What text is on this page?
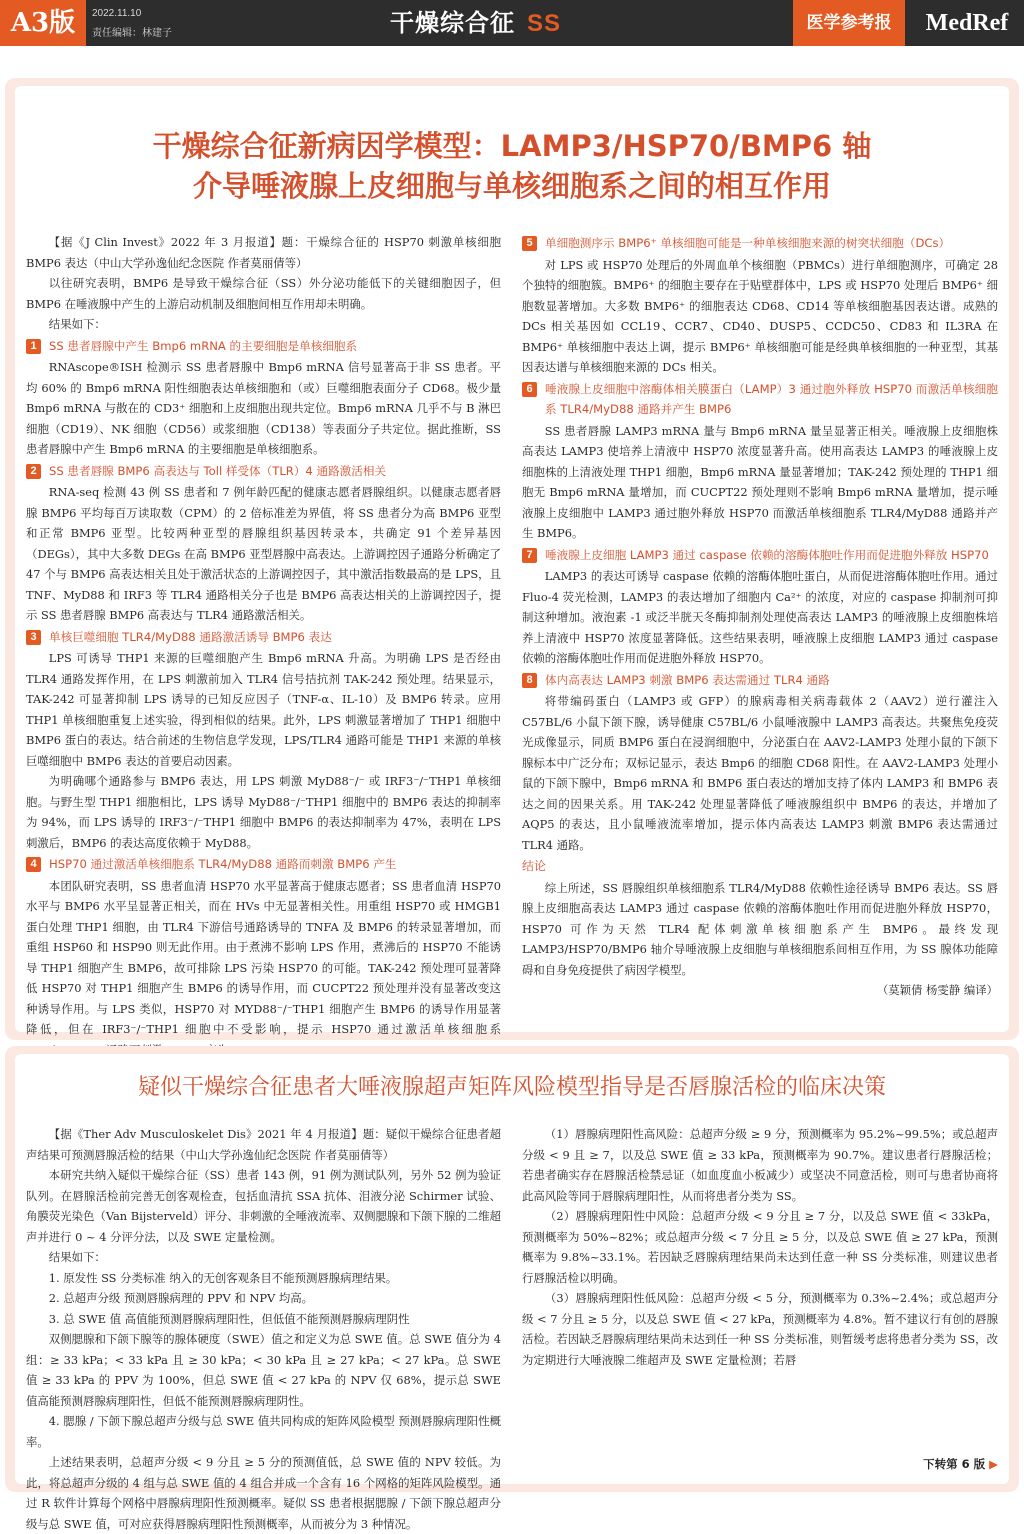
A3版	2022.11.10
责任编辑：林建子	干燥综合征 SS	医学参考报	MedRef
干燥综合征新病因学模型：LAMP3/HSP70/BMP6 轴
介导唾液腺上皮细胞与单核细胞系之间的相互作用

【据《J Clin Invest》2022 年 3 月报道】题：干燥综合征的 HSP70 刺激单核细胞 BMP6 表达（中山大学孙逸仙纪念医院 作者莫丽倩等）

以往研究表明，BMP6 是导致干燥综合征（SS）外分泌功能低下的关键细胞因子，但 BMP6 在唾液腺中产生的上游启动机制及细胞间相互作用却未明确。

结果如下：

1	SS 患者唇腺中产生 Bmp6 mRNA 的主要细胞是单核细胞系

RNAscope®ISH 检测示 SS 患者唇腺中 Bmp6 mRNA 信号显著高于非 SS 患者。平均 60% 的 Bmp6 mRNA 阳性细胞表达单核细胞和（或）巨噬细胞表面分子 CD68。极少量 Bmp6 mRNA 与散在的 CD3⁺ 细胞和上皮细胞出现共定位。Bmp6 mRNA 几乎不与 B 淋巴细胞（CD19）、NK 细胞（CD56）或浆细胞（CD138）等表面分子共定位。据此推断，SS 患者唇腺中产生 Bmp6 mRNA 的主要细胞是单核细胞系。

2	SS 患者唇腺 BMP6 高表达与 Toll 样受体（TLR）4 通路激活相关

RNA-seq 检测 43 例 SS 患者和 7 例年龄匹配的健康志愿者唇腺组织。以健康志愿者唇腺 BMP6 平均每百万读取数（CPM）的 2 倍标准差为界值，将 SS 患者分为高 BMP6 亚型和正常 BMP6 亚型。比较两种亚型的唇腺组织基因转录本，共确定 91 个差异基因（DEGs），其中大多数 DEGs 在高 BMP6 亚型唇腺中高表达。上游调控因子通路分析确定了 47 个与 BMP6 高表达相关且处于激活状态的上游调控因子，其中激活指数最高的是 LPS，且 TNF、MyD88 和 IRF3 等 TLR4 通路相关分子也是 BMP6 高表达相关的上游调控因子，提示 SS 患者唇腺 BMP6 高表达与 TLR4 通路激活相关。

3	单核巨噬细胞 TLR4/MyD88 通路激活诱导 BMP6 表达

LPS 可诱导 THP1 来源的巨噬细胞产生 Bmp6 mRNA 升高。为明确 LPS 是否经由 TLR4 通路发挥作用，在 LPS 刺激前加入 TLR4 信号拮抗剂 TAK-242 预处理。结果显示，TAK-242 可显著抑制 LPS 诱导的已知反应因子（TNF-α、IL-10）及 BMP6 转录。应用 THP1 单核细胞重复上述实验，得到相似的结果。此外，LPS 刺激显著增加了 THP1 细胞中 BMP6 蛋白的表达。结合前述的生物信息学发现，LPS/TLR4 通路可能是 THP1 来源的单核巨噬细胞中 BMP6 表达的首要启动因素。

为明确哪个通路参与 BMP6 表达，用 LPS 刺激 MyD88⁻/⁻ 或 IRF3⁻/⁻THP1 单核细胞。与野生型 THP1 细胞相比，LPS 诱导 MyD88⁻/⁻THP1 细胞中的 BMP6 表达的抑制率为 94%，而 LPS 诱导的 IRF3⁻/⁻THP1 细胞中 BMP6 的表达抑制率为 47%，表明在 LPS 刺激后，BMP6 的表达高度依赖于 MyD88。

4	HSP70 通过激活单核细胞系 TLR4/MyD88 通路而刺激 BMP6 产生

本团队研究表明，SS 患者血清 HSP70 水平显著高于健康志愿者；SS 患者血清 HSP70 水平与 BMP6 水平呈显著正相关，而在 HVs 中无显著相关性。用重组 HSP70 或 HMGB1 蛋白处理 THP1 细胞，由 TLR4 下游信号通路诱导的 TNFA 及 BMP6 的转录显著增加，而重组 HSP60 和 HSP90 则无此作用。由于煮沸不影响 LPS 作用，煮沸后的 HSP70 不能诱导 THP1 细胞产生 BMP6，故可排除 LPS 污染 HSP70 的可能。TAK-242 预处理可显著降低 HSP70 对 THP1 细胞产生 BMP6 的诱导作用，而 CUCPT22 预处理并没有显著改变这种诱导作用。与 LPS 类似，HSP70 对 MYD88⁻/⁻THP1 细胞产生 BMP6 的诱导作用显著降低，但在 IRF3⁻/⁻THP1 细胞中不受影响，提示 HSP70 通过激活单核细胞系

5	单细胞测序示 BMP6⁺ 单核细胞可能是一种单核细胞来源的树突状细胞（DCs）

对 LPS 或 HSP70 处理后的外周血单个核细胞（PBMCs）进行单细胞测序，可确定 28 个独特的细胞簇。BMP6⁺ 的细胞主要存在于贴壁群体中，LPS 或 HSP70 处理后 BMP6⁺ 细胞数显著增加。大多数 BMP6⁺ 的细胞表达 CD68、CD14 等单核细胞基因表达谱。成熟的 DCs 相关基因如 CCL19、CCR7、CD40、DUSP5、CCDC50、CD83 和 IL3RA 在 BMP6⁺ 单核细胞中表达上调，提示 BMP6⁺ 单核细胞可能是经典单核细胞的一种亚型，其基因表达谱与单核细胞来源的 DCs 相关。

6	唾液腺上皮细胞中溶酶体相关膜蛋白（LAMP）3 通过胞外释放 HSP70 而激活单核细胞系 TLR4/MyD88 通路并产生 BMP6

SS 患者唇腺 LAMP3 mRNA 量与 Bmp6 mRNA 量呈显著正相关。唾液腺上皮细胞株高表达 LAMP3 使培养上清液中 HSP70 浓度显著升高。使用高表达 LAMP3 的唾液腺上皮细胞株的上清液处理 THP1 细胞，Bmp6 mRNA 量显著增加；TAK-242 预处理的 THP1 细胞无 Bmp6 mRNA 量增加，而 CUCPT22 预处理则不影响 Bmp6 mRNA 量增加，提示唾液腺上皮细胞中 LAMP3 通过胞外释放 HSP70 而激活单核细胞系 TLR4/MyD88 通路并产生 BMP6。

7	唾液腺上皮细胞 LAMP3 通过 caspase 依赖的溶酶体胞吐作用而促进胞外释放 HSP70

LAMP3 的表达可诱导 caspase 依赖的溶酶体胞吐蛋白，从而促进溶酶体胞吐作用。通过 Fluo-4 荧光检测，LAMP3 的表达增加了细胞内 Ca²⁺ 的浓度，对应的 caspase 抑制剂可抑制这种增加。液泡素 -1 或泛半胱天冬酶抑制剂处理使高表达 LAMP3 的唾液腺上皮细胞株培养上清液中 HSP70 浓度显著降低。这些结果表明，唾液腺上皮细胞 LAMP3 通过 caspase 依赖的溶酶体胞吐作用而促进胞外释放 HSP70。

8	体内高表达 LAMP3 刺激 BMP6 表达需通过 TLR4 通路

将带编码蛋白（LAMP3 或 GFP）的腺病毒相关病毒载体 2（AAV2）逆行灌注入 C57BL/6 小鼠下颌下腺，诱导健康 C57BL/6 小鼠唾液腺中 LAMP3 高表达。共聚焦免疫荧光成像显示，同质 BMP6 蛋白在浸润细胞中，分泌蛋白在 AAV2-LAMP3 处理小鼠的下颌下腺标本中广泛分布；双标记显示，表达 Bmp6 的细胞 CD68 阳性。在 AAV2-LAMP3 处理小鼠的下颌下腺中，Bmp6 mRNA 和 BMP6 蛋白表达的增加支持了体内 LAMP3 和 BMP6 表达之间的因果关系。用 TAK-242 处理显著降低了唾液腺组织中 BMP6 的表达，并增加了 AQP5 的表达，且小鼠唾液流率增加，提示体内高表达 LAMP3 刺激 BMP6 表达需通过 TLR4 通路。

结论

综上所述，SS 唇腺组织单核细胞系 TLR4/MyD88 依赖性途径诱导 BMP6 表达。SS 唇腺上皮细胞高表达 LAMP3 通过 caspase 依赖的溶酶体胞吐作用而促进胞外释放 HSP70，HSP70 可作为天然 TLR4 配体刺激单核细胞系产生 BMP6。最终发现 LAMP3/HSP70/BMP6 轴介导唾液腺上皮细胞与单核细胞系间相互作用，为 SS 腺体功能障碍和自身免疫提供了病因学模型。

（莫颖倩 杨雯静 编译）

疑似干燥综合征患者大唾液腺超声矩阵风险模型指导是否唇腺活检的临床决策

【据《Ther Adv Musculoskelet Dis》2021 年 4 月报道】题：疑似干燥综合征患者超声结果可预测唇腺活检的结果（中山大学孙逸仙纪念医院 作者莫丽倩等）

本研究共纳入疑似干燥综合征（SS）患者 143 例，91 例为测试队列，另外 52 例为验证队列。在唇腺活检前完善无创客观检查，包括血清抗 SSA 抗体、泪液分泌 Schirmer 试验、角膜荧光染色（Van Bijsterveld）评分、非刺激的全唾液流率、双侧腮腺和下颌下腺的二维超声并进行 0 ~ 4 分评分法，以及 SWE 定量检测。

结果如下：

1. 原发性 SS 分类标准 纳入的无创客观条目不能预测唇腺病理结果。

2. 总超声分级 预测唇腺病理的 PPV 和 NPV 均高。

3. 总 SWE 值 高值能预测唇腺病理阳性，但低值不能预测唇腺病理阴性

双侧腮腺和下颌下腺等的腺体硬度（SWE）值之和定义为总 SWE 值。总 SWE 值分为 4 组：≥ 33 kPa；< 33 kPa 且 ≥ 30 kPa；< 30 kPa 且 ≥ 27 kPa；< 27 kPa。总 SWE 值 ≥ 33 kPa 的 PPV 为 100%，但总 SWE 值 < 27 kPa 的 NPV 仅 68%，提示总 SWE 值高能预测唇腺病理阳性，但低不能预测唇腺病理阴性。

4. 腮腺 / 下颌下腺总超声分级与总 SWE 值共同构成的矩阵风险模型 预测唇腺病理阳性概率。

上述结果表明，总超声分级 < 9 分且 ≥ 5 分的预测值低，总 SWE 值的 NPV 较低。为此，将总超声分级的 4 组与总 SWE 值的 4 组合并成一个含有 16 个网格的矩阵风险模型。通过 R 软件计算每个网格中唇腺病理阳性预测概率。疑似 SS 患者根据腮腺 / 下颌下腺总超声分级与总 SWE 值，可对应获得唇腺病理阳性预测概率，从而被分为 3 种情况。

（1）唇腺病理阳性高风险：总超声分级 ≥ 9 分，预测概率为 95.2%~99.5%；或总超声分级 < 9 且 ≥ 7，以及总 SWE 值 ≥ 33 kPa，预测概率为 90.7%。建议患者行唇腺活检；若患者确实存在唇腺活检禁忌证（如血度血小板减少）或坚决不同意活检，则可与患者协商将此高风险等同于唇腺病理阳性，从而将患者分类为 SS。

（2）唇腺病理阳性中风险：总超声分级 < 9 分且 ≥ 7 分，以及总 SWE 值 < 33kPa，预测概率为 50%~82%；或总超声分级 < 7 分且 ≥ 5 分，以及总 SWE 值 ≥ 27 kPa，预测概率为 9.8%~33.1%。若因缺乏唇腺病理结果尚未达到任意一种 SS 分类标准，则建议患者行唇腺活检以明确。

（3）唇腺病理阳性低风险：总超声分级 < 5 分，预测概率为 0.3%~2.4%；或总超声分级 < 7 分且 ≥ 5 分，以及总 SWE 值 < 27 kPa，预测概率为 4.8%。暂不建议行有创的唇腺活检。若因缺乏唇腺病理结果尚未达到任一种 SS 分类标准，则暂缓考虑将患者分类为 SS，改为定期进行大唾液腺二维超声及 SWE 定量检测；若唇

下转第 6 版 ▶
